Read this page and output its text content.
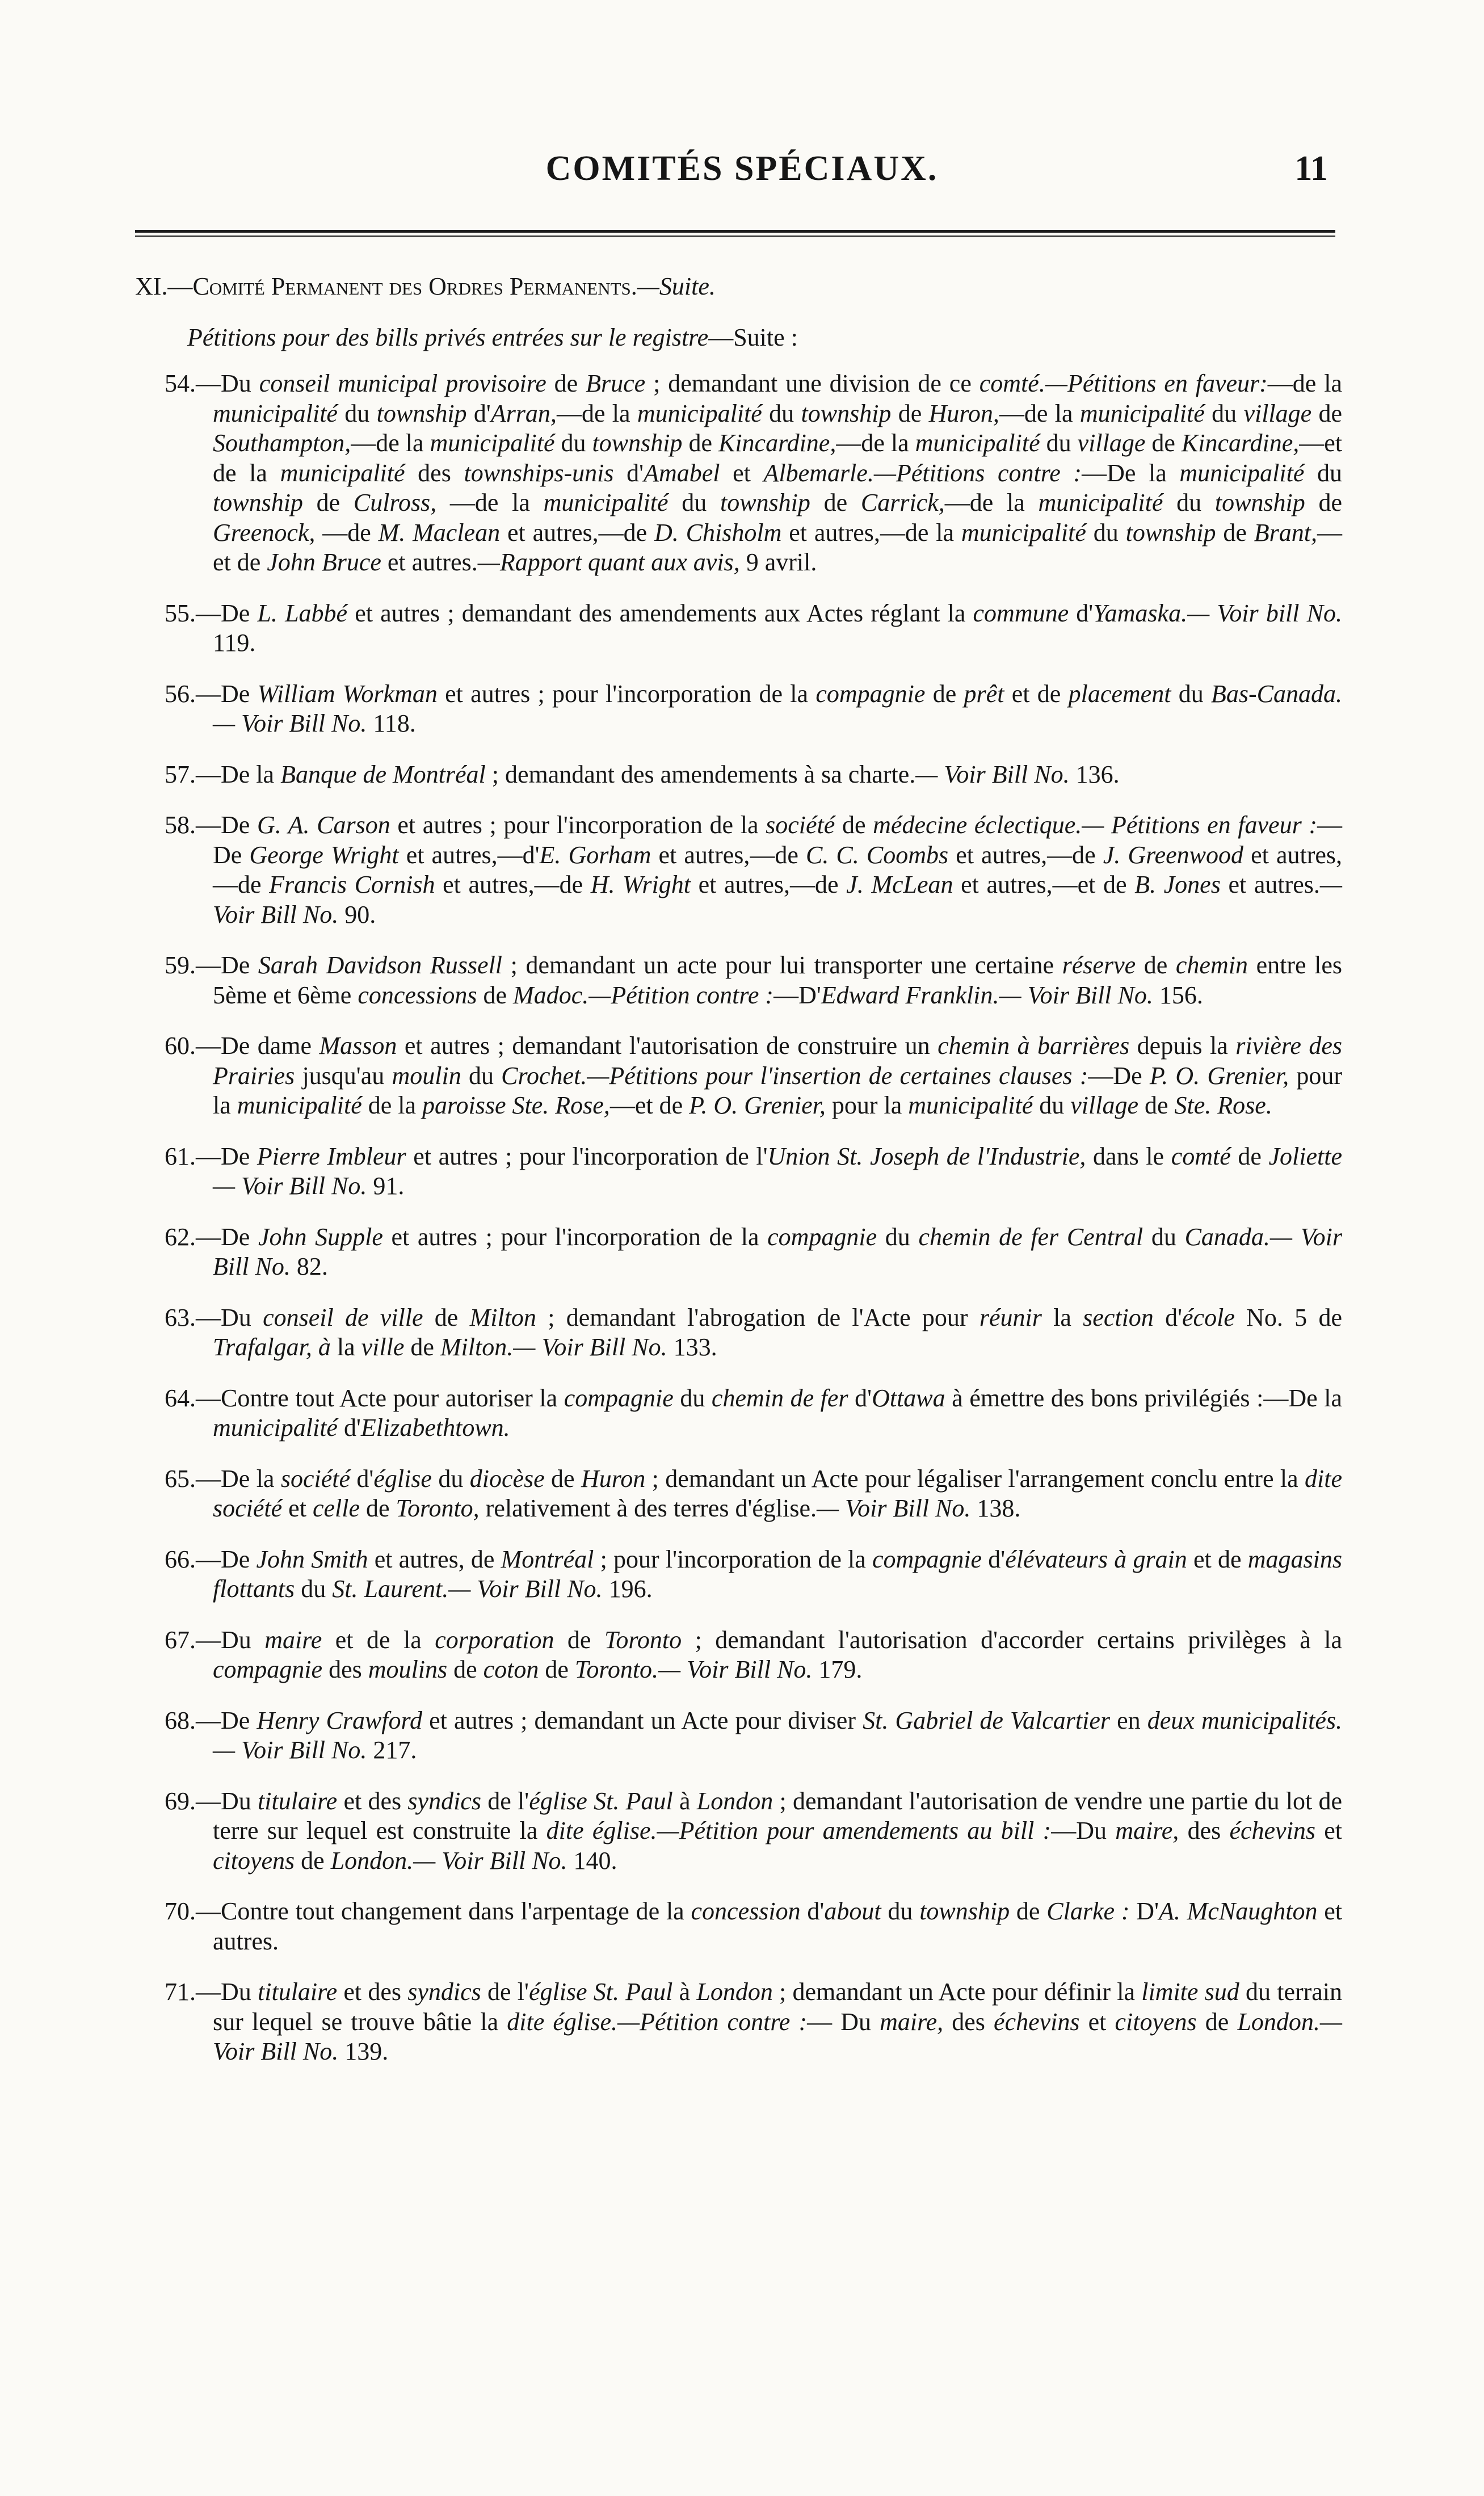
COMITÉS SPÉCIAUX.	11
XI.—Comité Permanent des Ordres Permanents.—Suite.
Pétitions pour des bills privés entrées sur le registre—Suite :

54.—Du conseil municipal provisoire de Bruce ; demandant une division de ce comté.—Pétitions en faveur:—de la municipalité du township d'Arran,—de la municipalité du township de Huron,—de la municipalité du village de Southampton,—de la municipalité du township de Kincardine,—de la municipalité du village de Kincardine,—et de la municipalité des townships-unis d'Amabel et Albemarle.—Pétitions contre :—De la municipalité du township de Culross, —de la municipalité du township de Carrick,—de la municipalité du township de Greenock, —de M. Maclean et autres,—de D. Chisholm et autres,—de la municipalité du township de Brant,—et de John Bruce et autres.—Rapport quant aux avis, 9 avril.

55.—De L. Labbé et autres ; demandant des amendements aux Actes réglant la commune d'Yamaska.— Voir bill No. 119.

56.—De William Workman et autres ; pour l'incorporation de la compagnie de prêt et de placement du Bas-Canada.— Voir Bill No. 118.

57.—De la Banque de Montréal ; demandant des amendements à sa charte.— Voir Bill No. 136.

58.—De G. A. Carson et autres ; pour l'incorporation de la société de médecine éclectique.— Pétitions en faveur :—De George Wright et autres,—d'E. Gorham et autres,—de C. C. Coombs et autres,—de J. Greenwood et autres,—de Francis Cornish et autres,—de H. Wright et autres,—de J. McLean et autres,—et de B. Jones et autres.— Voir Bill No. 90.

59.—De Sarah Davidson Russell ; demandant un acte pour lui transporter une certaine réserve de chemin entre les 5ème et 6ème concessions de Madoc.—Pétition contre :—D'Edward Franklin.— Voir Bill No. 156.

60.—De dame Masson et autres ; demandant l'autorisation de construire un chemin à barrières depuis la rivière des Prairies jusqu'au moulin du Crochet.—Pétitions pour l'insertion de certaines clauses :—De P. O. Grenier, pour la municipalité de la paroisse Ste. Rose,—et de P. O. Grenier, pour la municipalité du village de Ste. Rose.

61.—De Pierre Imbleur et autres ; pour l'incorporation de l'Union St. Joseph de l'Industrie, dans le comté de Joliette — Voir Bill No. 91.

62.—De John Supple et autres ; pour l'incorporation de la compagnie du chemin de fer Central du Canada.— Voir Bill No. 82.

63.—Du conseil de ville de Milton ; demandant l'abrogation de l'Acte pour réunir la section d'école No. 5 de Trafalgar, à la ville de Milton.— Voir Bill No. 133.

64.—Contre tout Acte pour autoriser la compagnie du chemin de fer d'Ottawa à émettre des bons privilégiés :—De la municipalité d'Elizabethtown.

65.—De la société d'église du diocèse de Huron ; demandant un Acte pour légaliser l'arrangement conclu entre la dite société et celle de Toronto, relativement à des terres d'église.— Voir Bill No. 138.

66.—De John Smith et autres, de Montréal ; pour l'incorporation de la compagnie d'élévateurs à grain et de magasins flottants du St. Laurent.— Voir Bill No. 196.

67.—Du maire et de la corporation de Toronto ; demandant l'autorisation d'accorder certains privilèges à la compagnie des moulins de coton de Toronto.— Voir Bill No. 179.

68.—De Henry Crawford et autres ; demandant un Acte pour diviser St. Gabriel de Valcartier en deux municipalités.— Voir Bill No. 217.

69.—Du titulaire et des syndics de l'église St. Paul à London ; demandant l'autorisation de vendre une partie du lot de terre sur lequel est construite la dite église.—Pétition pour amendements au bill :—Du maire, des échevins et citoyens de London.— Voir Bill No. 140.

70.—Contre tout changement dans l'arpentage de la concession d'about du township de Clarke : D'A. McNaughton et autres.

71.—Du titulaire et des syndics de l'église St. Paul à London ; demandant un Acte pour définir la limite sud du terrain sur lequel se trouve bâtie la dite église.—Pétition contre :— Du maire, des échevins et citoyens de London.— Voir Bill No. 139.
